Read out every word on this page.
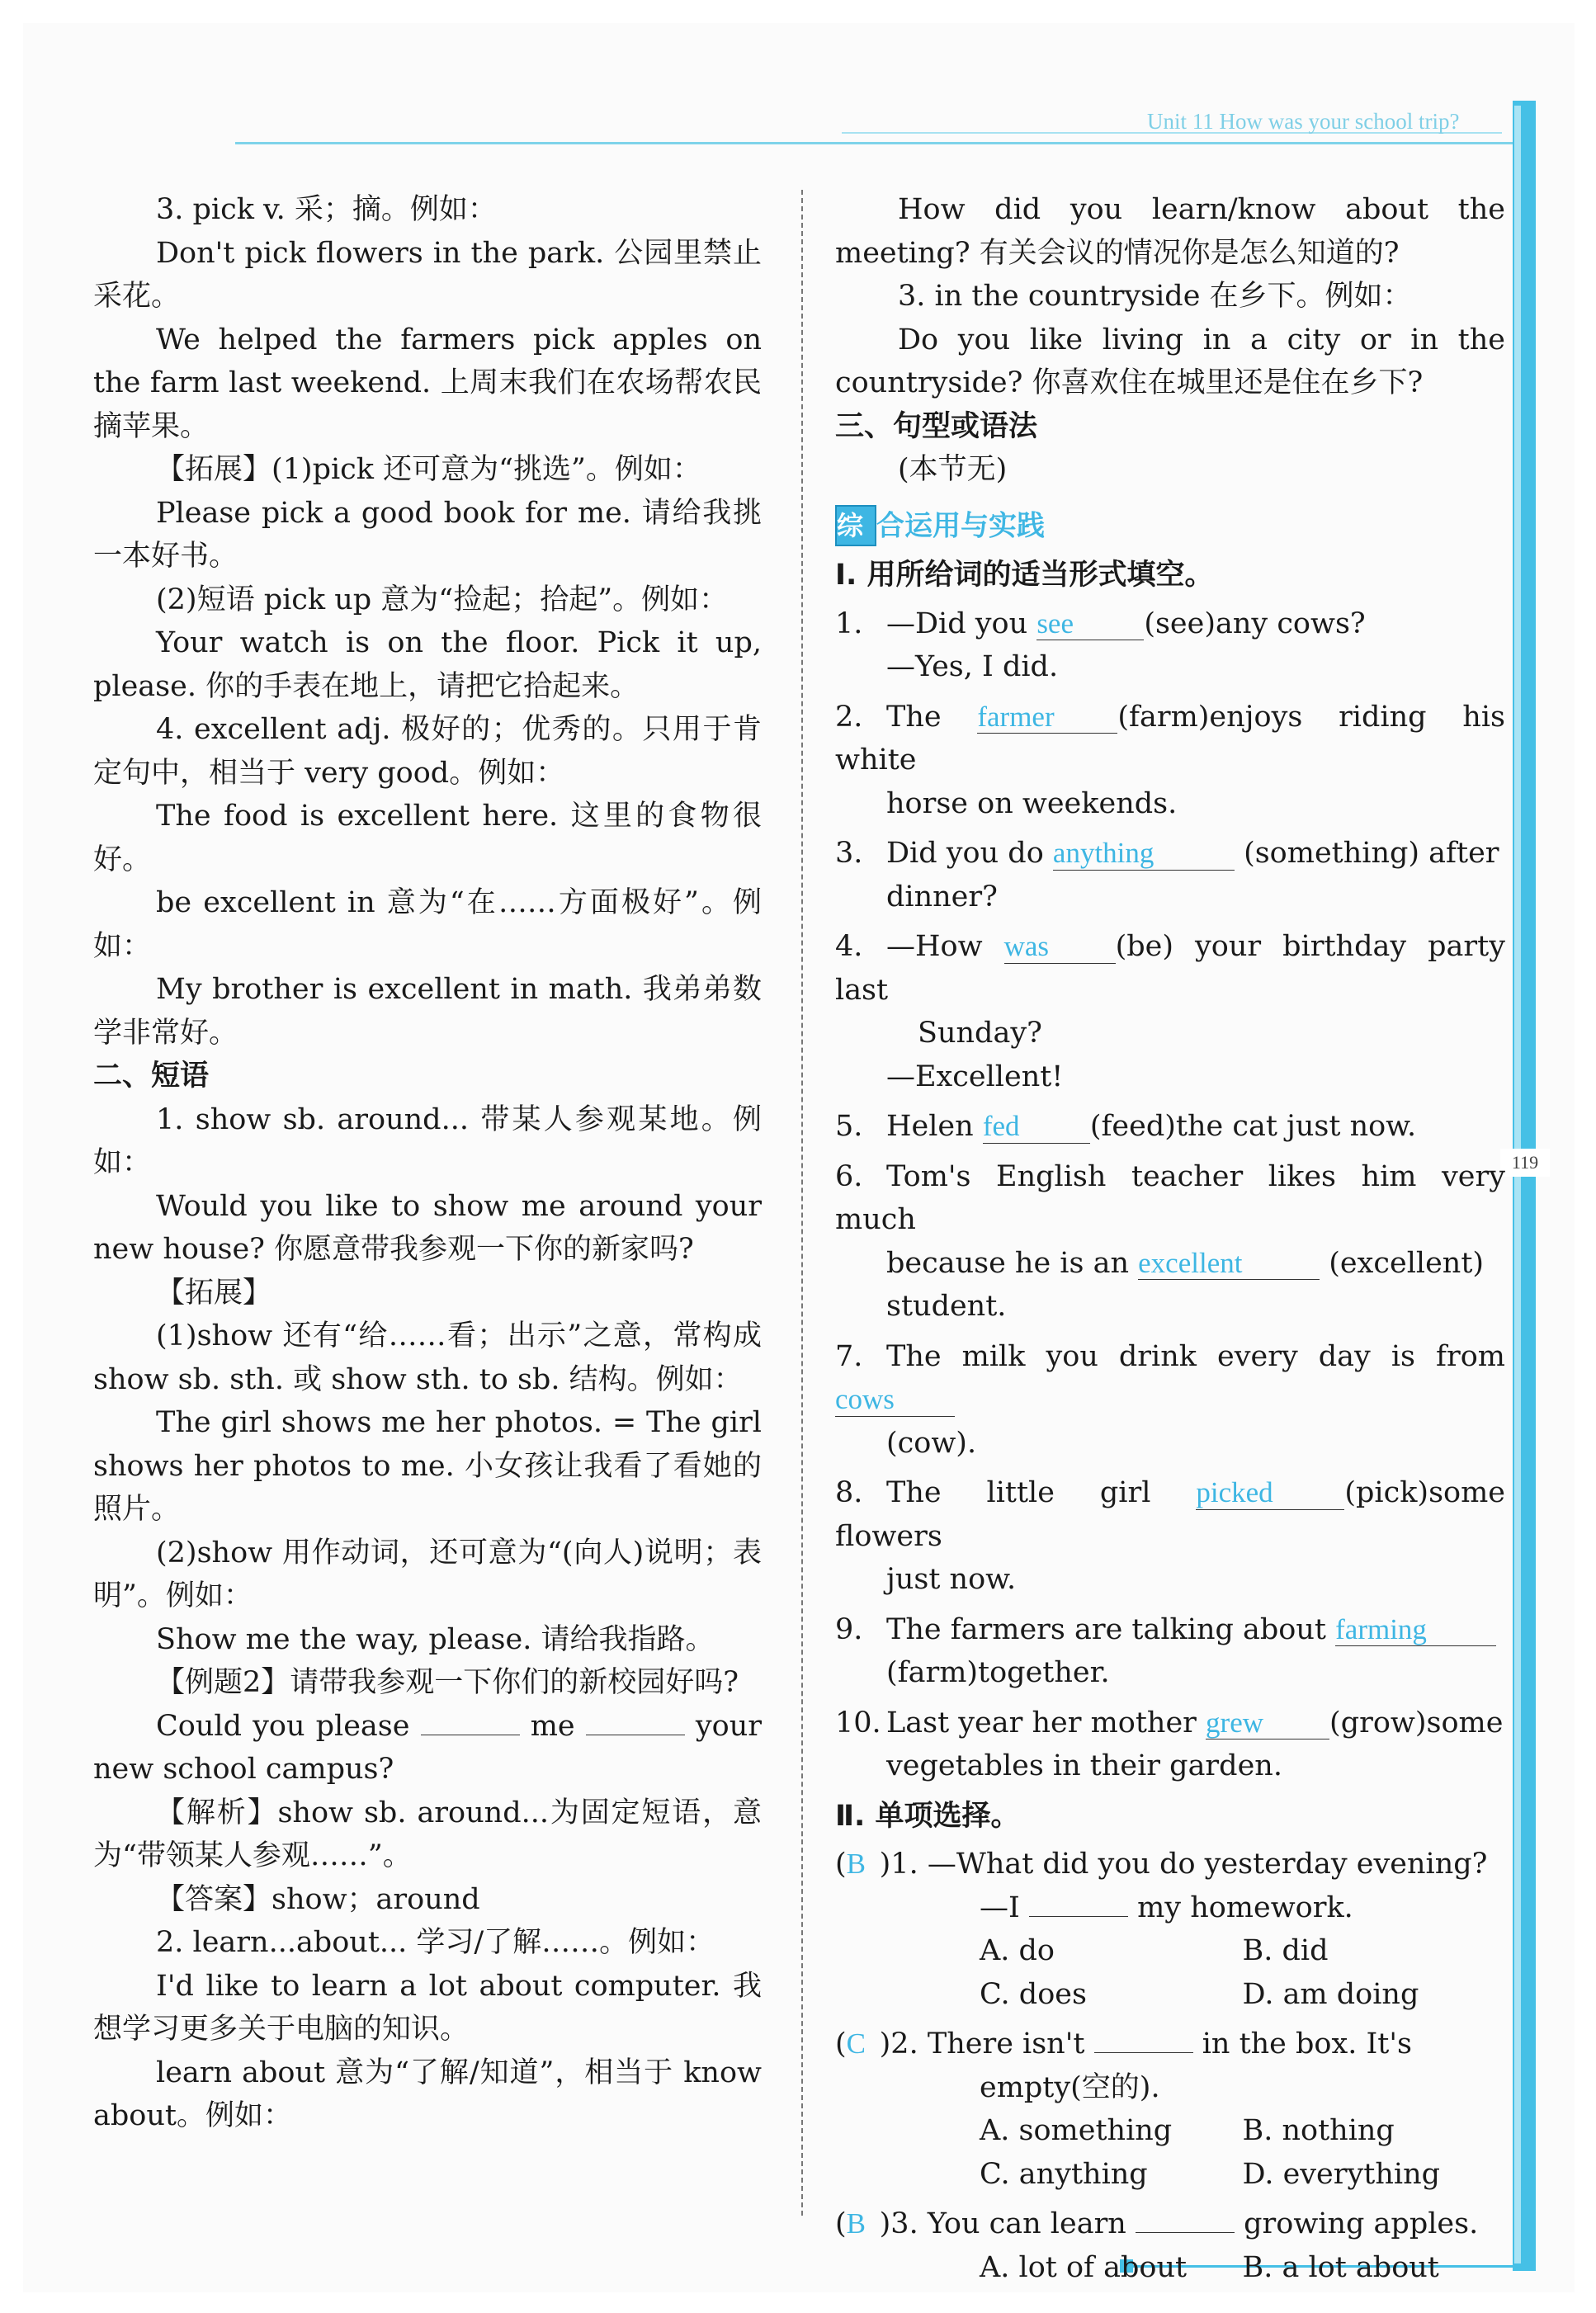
Unit 11 How was your school trip?
119

3. pick v. 采；摘。例如：

Don't pick flowers in the park. 公园里禁止采花。

We helped the farmers pick apples on the farm last weekend. 上周末我们在农场帮农民摘苹果。

【拓展】(1)pick 还可意为“挑选”。例如：

Please pick a good book for me. 请给我挑一本好书。

(2)短语 pick up 意为“捡起；拾起”。例如：

Your watch is on the floor. Pick it up, please. 你的手表在地上，请把它拾起来。

4. excellent adj. 极好的；优秀的。只用于肯定句中，相当于 very good。例如：

The food is excellent here. 这里的食物很好。

be excellent in 意为“在……方面极好”。例如：

My brother is excellent in math. 我弟弟数学非常好。

二、短语

1. show sb. around... 带某人参观某地。例如：

Would you like to show me around your new house? 你愿意带我参观一下你的新家吗?

【拓展】

(1)show 还有“给……看；出示”之意，常构成 show sb. sth. 或 show sth. to sb. 结构。例如：

The girl shows me her photos. = The girl shows her photos to me. 小女孩让我看了看她的照片。

(2)show 用作动词，还可意为“(向人)说明；表明”。例如：

Show me the way, please. 请给我指路。

【例题2】请带我参观一下你们的新校园好吗?

Could you please	me	your new school campus?

【解析】show sb. around...为固定短语，意为“带领某人参观……”。

【答案】show；around

2. learn...about... 学习/了解……。例如：

I'd like to learn a lot about computer. 我想学习更多关于电脑的知识。

learn about 意为“了解/知道”，相当于 know about。例如：

How did you learn/know about the meeting? 有关会议的情况你是怎么知道的?

3. in the countryside 在乡下。例如：

Do you like living in a city or in the countryside? 你喜欢住在城里还是住在乡下?

三、句型或语法

(本节无)

综 合运用与实践

Ⅰ. 用所给词的适当形式填空。

1. —Did you see (see)any cows?

—Yes, I did.

2. The farmer (farm)enjoys riding his white

horse on weekends.

3. Did you do anything	(something) after

dinner?

4. —How was (be) your birthday party last

Sunday?

—Excellent!

5. Helen fed (feed)the cat just now.

6. Tom's English teacher likes him very much

because he is an excellent	(excellent)

student.

7. The milk you drink every day is from cows

(cow).

8. The little girl picked (pick)some flowers

just now.

9. The farmers are talking about farming

(farm)together.

10. Last year her mother grew (grow)some

vegetables in their garden.

Ⅱ. 单项选择。

( B )1.
—What did you do yesterday evening?

—I	my homework.

A. do	B. did

C. does	D. am doing

( C )2.
There isn't

	in the box. It's

empty(空的).

A. something	B. nothing

C. anything	D. everything

( B )3.
You can learn

	growing apples.

A. lot of about	B. a lot about
